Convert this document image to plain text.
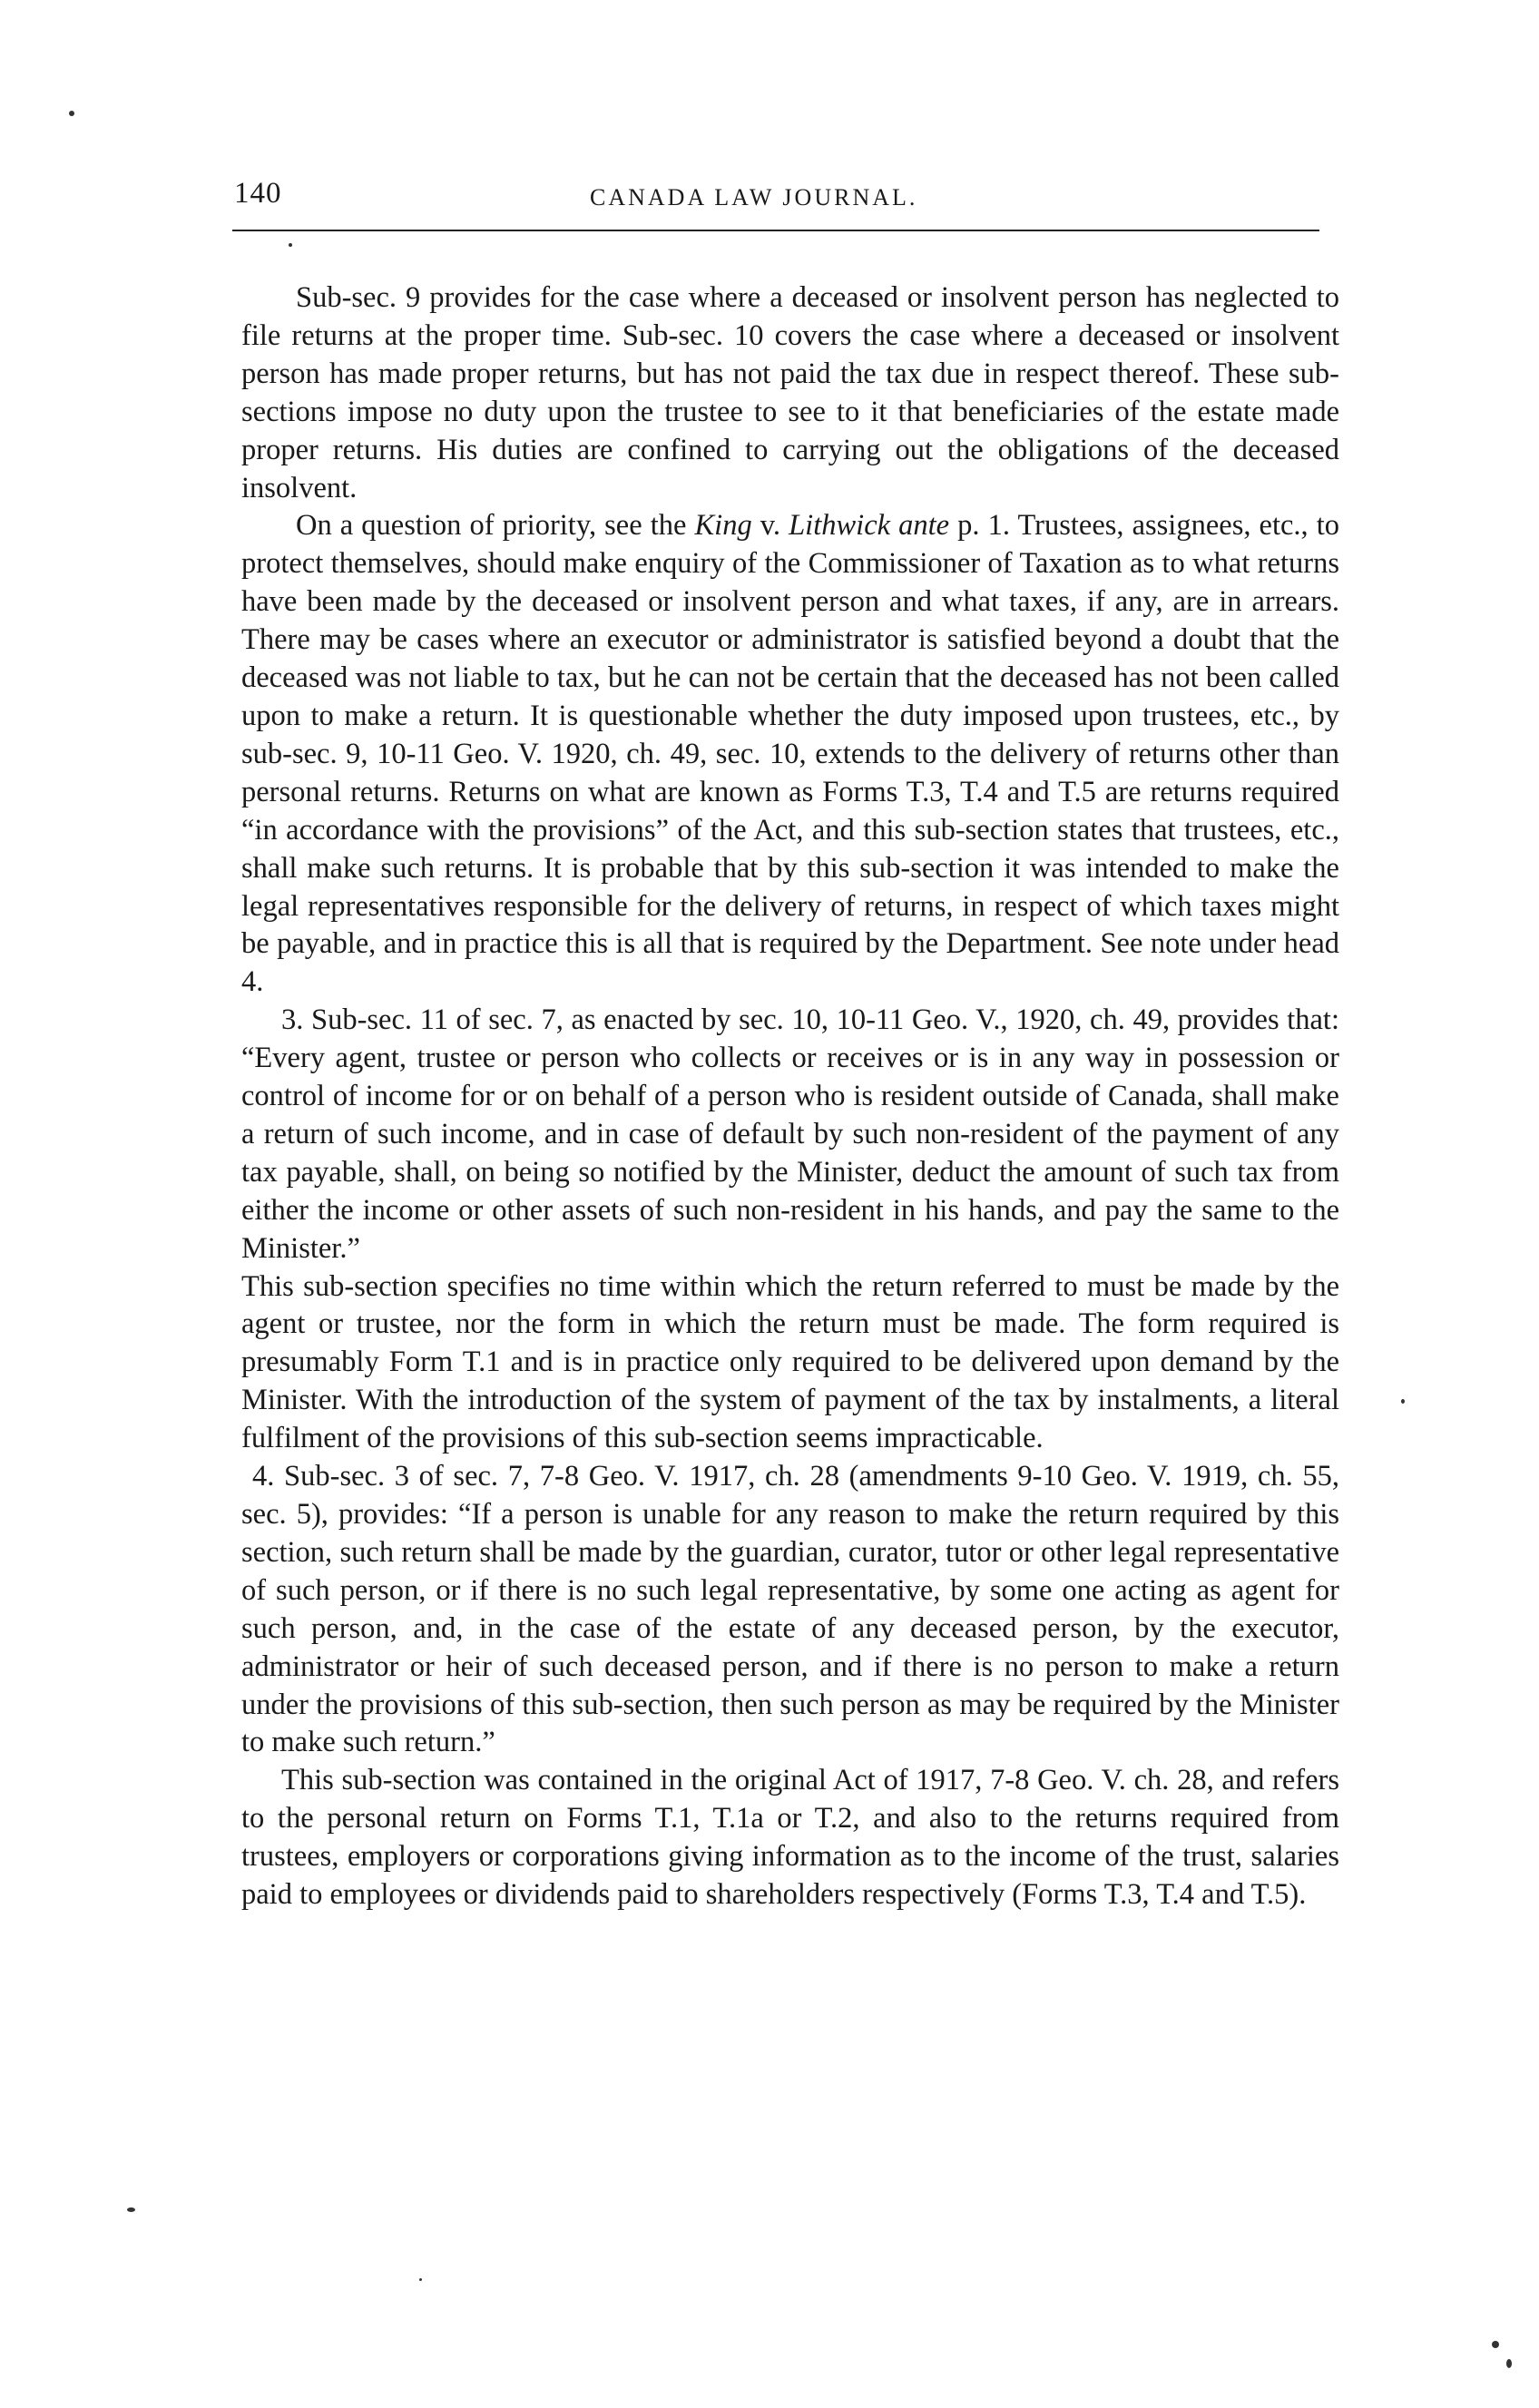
140	CANADA LAW JOURNAL.

Sub-sec. 9 provides for the case where a deceased or insolvent person has neglected to file returns at the proper time. Sub-sec. 10 covers the case where a deceased or insolvent person has made proper returns, but has not paid the tax due in respect thereof. These sub-sections impose no duty upon the trustee to see to it that beneficiaries of the estate made proper returns. His duties are confined to carrying out the obligations of the deceased insolvent.

On a question of priority, see the King v. Lithwick ante p. 1. Trustees, assignees, etc., to protect themselves, should make enquiry of the Commissioner of Taxation as to what returns have been made by the deceased or insolvent person and what taxes, if any, are in arrears. There may be cases where an executor or administrator is satisfied beyond a doubt that the deceased was not liable to tax, but he can not be certain that the deceased has not been called upon to make a return. It is questionable whether the duty imposed upon trustees, etc., by sub-sec. 9, 10-11 Geo. V. 1920, ch. 49, sec. 10, extends to the delivery of returns other than personal returns. Returns on what are known as Forms T.3, T.4 and T.5 are returns required “in accordance with the provisions” of the Act, and this sub-section states that trustees, etc., shall make such returns. It is probable that by this sub-section it was intended to make the legal representatives responsible for the delivery of returns, in respect of which taxes might be payable, and in practice this is all that is required by the Department. See note under head 4.

3. Sub-sec. 11 of sec. 7, as enacted by sec. 10, 10-11 Geo. V., 1920, ch. 49, provides that: “Every agent, trustee or person who collects or receives or is in any way in possession or control of income for or on behalf of a person who is resident outside of Canada, shall make a return of such income, and in case of default by such non-resident of the payment of any tax payable, shall, on being so notified by the Minister, deduct the amount of such tax from either the income or other assets of such non-resident in his hands, and pay the same to the Minister.”

This sub-section specifies no time within which the return referred to must be made by the agent or trustee, nor the form in which the return must be made. The form required is presumably Form T.1 and is in practice only required to be delivered upon demand by the Minister. With the introduction of the system of payment of the tax by instalments, a literal fulfilment of the provisions of this sub-section seems impracticable.

4. Sub-sec. 3 of sec. 7, 7-8 Geo. V. 1917, ch. 28 (amendments 9-10 Geo. V. 1919, ch. 55, sec. 5), provides: “If a person is unable for any reason to make the return required by this section, such return shall be made by the guardian, curator, tutor or other legal representative of such person, or if there is no such legal representative, by some one acting as agent for such person, and, in the case of the estate of any deceased person, by the executor, administrator or heir of such deceased person, and if there is no person to make a return under the provisions of this sub-section, then such person as may be required by the Minister to make such return.”

This sub-section was contained in the original Act of 1917, 7-8 Geo. V. ch. 28, and refers to the personal return on Forms T.1, T.1a or T.2, and also to the returns required from trustees, employers or corporations giving information as to the income of the trust, salaries paid to employees or dividends paid to shareholders respectively (Forms T.3, T.4 and T.5).
